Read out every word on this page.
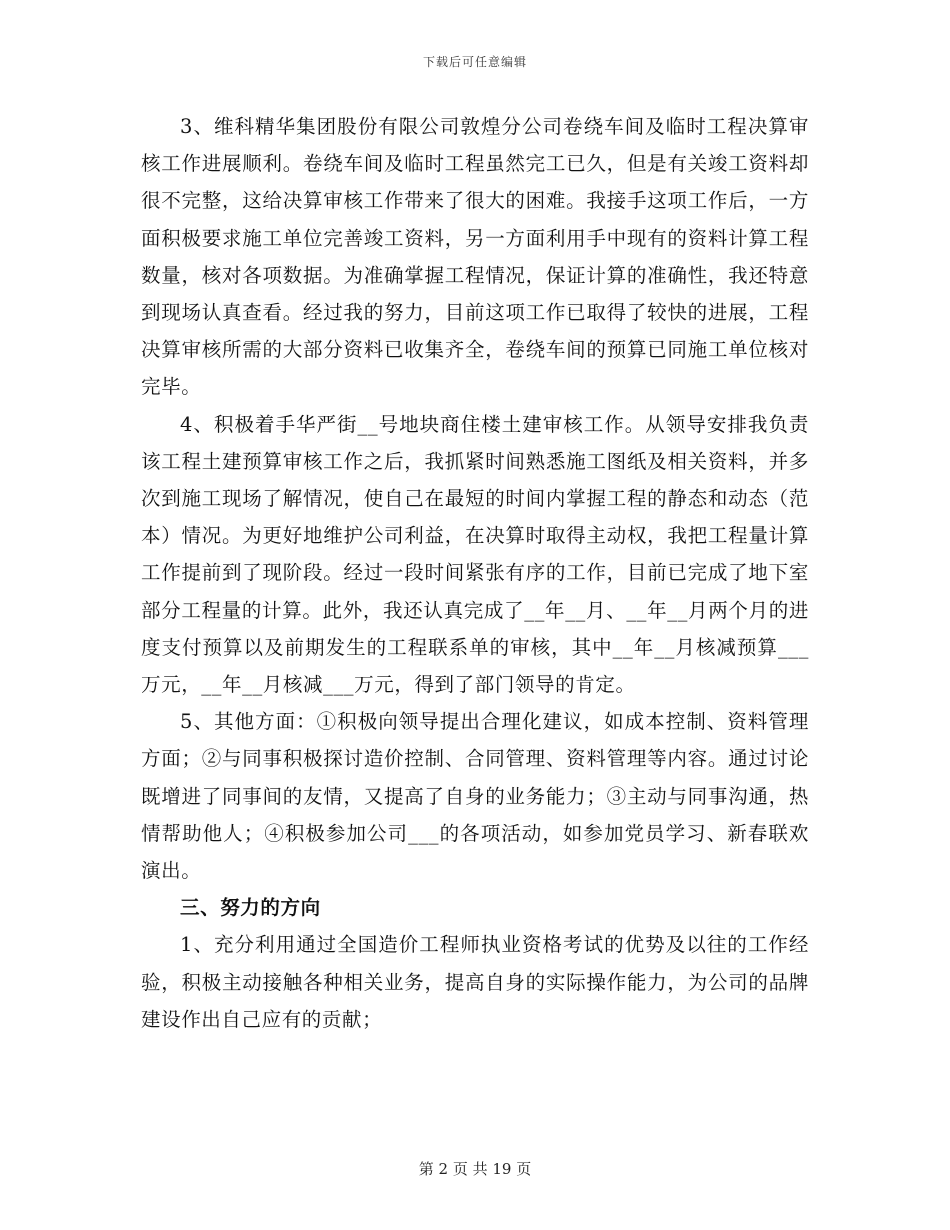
下载后可任意编辑

3、维科精华集团股份有限公司敦煌分公司卷绕车间及临时工程决算审核工作进展顺利。卷绕车间及临时工程虽然完工已久，但是有关竣工资料却很不完整，这给决算审核工作带来了很大的困难。我接手这项工作后，一方面积极要求施工单位完善竣工资料，另一方面利用手中现有的资料计算工程数量，核对各项数据。为准确掌握工程情况，保证计算的准确性，我还特意到现场认真查看。经过我的努力，目前这项工作已取得了较快的进展，工程决算审核所需的大部分资料已收集齐全，卷绕车间的预算已同施工单位核对完毕。

4、积极着手华严街__号地块商住楼土建审核工作。从领导安排我负责该工程土建预算审核工作之后，我抓紧时间熟悉施工图纸及相关资料，并多次到施工现场了解情况，使自己在最短的时间内掌握工程的静态和动态（范本）情况。为更好地维护公司利益，在决算时取得主动权，我把工程量计算工作提前到了现阶段。经过一段时间紧张有序的工作，目前已完成了地下室部分工程量的计算。此外，我还认真完成了__年__月、__年__月两个月的进度支付预算以及前期发生的工程联系单的审核，其中__年__月核减预算___万元，__年__月核减___万元，得到了部门领导的肯定。

5、其他方面：①积极向领导提出合理化建议，如成本控制、资料管理方面；②与同事积极探讨造价控制、合同管理、资料管理等内容。通过讨论既增进了同事间的友情，又提高了自身的业务能力；③主动与同事沟通，热情帮助他人；④积极参加公司___的各项活动，如参加党员学习、新春联欢演出。

三、努力的方向

1、充分利用通过全国造价工程师执业资格考试的优势及以往的工作经验，积极主动接触各种相关业务，提高自身的实际操作能力，为公司的品牌建设作出自己应有的贡献；

第 2 页 共 19 页
